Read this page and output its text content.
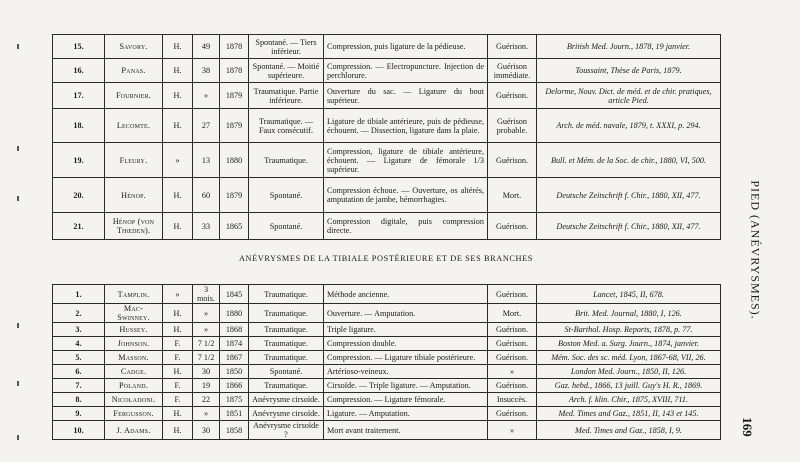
15.	Savory.	H.	49	1878	Spontané. — Tiers inférieur.	Compression, puis ligature de la pédieuse.	Guérison.	British Med. Journ., 1878, 19 janvier.
16.	Panas.	H.	38	1878	Spontané. — Moitié supérieure.	Compression. — Electropuncture. Injection de perchlorure.	Guérison immédiate.	Toussaint, Thèse de Paris, 1879.
17.	Fournier.	H.	»	1879	Traumatique. Partie inférieure.	Ouverture du sac. — Ligature du bout supérieur.	Guérison.	Delorme, Nouv. Dict. de méd. et de chir. pratiques, article Pied.
18.	Lecomte.	H.	27	1879	Traumatique. — Faux consécutif.	Ligature de tibiale antérieure, puis de pédieuse, échouent. — Dissection, ligature dans la plaie.	Guérison probable.	Arch. de méd. navale, 1879, t. XXXI, p. 294.
19.	Fleury.	»	13	1880	Traumatique.	Compression, ligature de tibiale antérieure, échouent. — Ligature de fémorale 1/3 supérieur.	Guérison.	Bull. et Mém. de la Soc. de chir., 1880, VI, 500.
20.	Hénop.	H.	60	1879	Spontané.	Compression échoue. — Ouverture, os altérés, amputation de jambe, hémorrhagies.	Mort.	Deutsche Zeitschrift f. Chir., 1880, XII, 477.
21.	Hénop (von Thœden).	H.	33	1865	Spontané.	Compression digitale, puis compression directe.	Guérison.	Deutsche Zeitschrift f. Chir., 1880, XII, 477.
ANÉVRYSMES DE LA TIBIALE POSTÉRIEURE ET DE SES BRANCHES
1.	Tamplin.	»	3 mois.	1845	Traumatique.	Méthode ancienne.	Guérison.	Lancet, 1845, II, 678.
2.	Mac-Swinney.	H.	»	1880	Traumatique.	Ouverture. — Amputation.	Mort.	Brit. Med. Journal, 1880, I, 126.
3.	Hussey.	H.	»	1868	Traumatique.	Triple ligature.	Guérison.	St-Barthol. Hosp. Reports, 1878, p. 77.
4.	Johnson.	F.	7 1/2	1874	Traumatique.	Compression double.	Guérison.	Boston Med. a. Surg. Journ., 1874, janvier.
5.	Masson.	F.	7 1/2	1867	Traumatique.	Compression. — Ligature tibiale postérieure.	Guérison.	Mém. Soc. des sc. méd. Lyon, 1867-68, VII, 26.
6.	Cadge.	H.	30	1850	Spontané.	Artérioso-veineux.	»	London Med. Journ., 1850, II, 126.
7.	Poland.	F.	19	1866	Traumatique.	Cirsoïde. — Triple ligature. — Amputation.	Guérison.	Gaz. hebd., 1866, 13 juill. Guy's H. R., 1869.
8.	Nicoladoni.	F.	22	1875	Anévrysme cirsoïde.	Compression. — Ligature fémorale.	Insuccès.	Arch. f. klin. Chir., 1875, XVIII, 711.
9.	Fergusson.	H.	»	1851	Anévrysme cirsoïde.	Ligature. — Amputation.	Guérison.	Med. Times and Gaz., 1851, II, 143 et 145.
10.	J. Adams.	H.	30	1858	Anévrysme cirsoïde ?	Mort avant traitement.	»	Med. Times and Gaz., 1858, I, 9.
PIED (ANÉVRYSMES).
169
